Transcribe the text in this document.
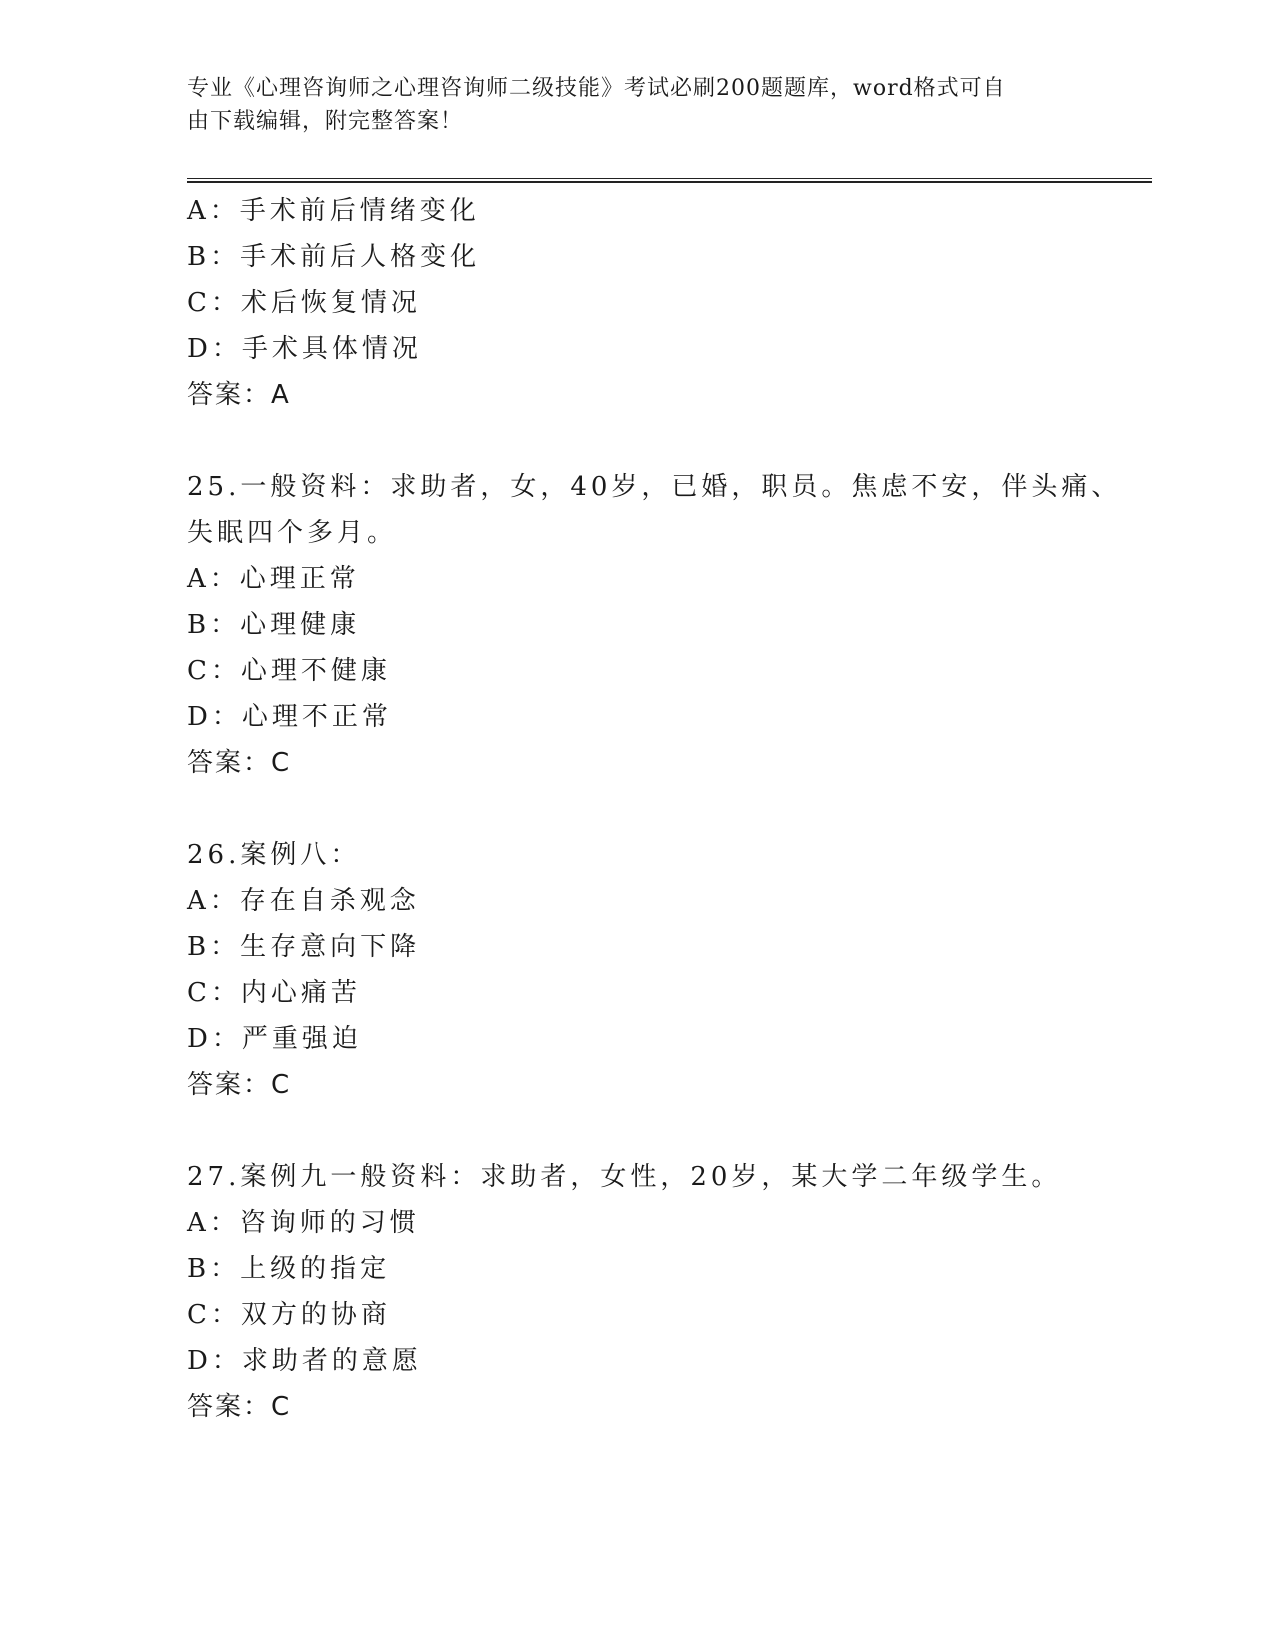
专业《心理咨询师之心理咨询师二级技能》考试必刷200题题库，word格式可自
由下载编辑，附完整答案！
A：手术前后情绪变化
B：手术前后人格变化
C：术后恢复情况
D：手术具体情况
答案：A
25.一般资料：求助者，女，40岁，已婚，职员。焦虑不安，伴头痛、
失眠四个多月。
A：心理正常
B：心理健康
C：心理不健康
D：心理不正常
答案：C
26.案例八：
A：存在自杀观念
B：生存意向下降
C：内心痛苦
D：严重强迫
答案：C
27.案例九一般资料：求助者，女性，20岁，某大学二年级学生。
A：咨询师的习惯
B：上级的指定
C：双方的协商
D：求助者的意愿
答案：C
